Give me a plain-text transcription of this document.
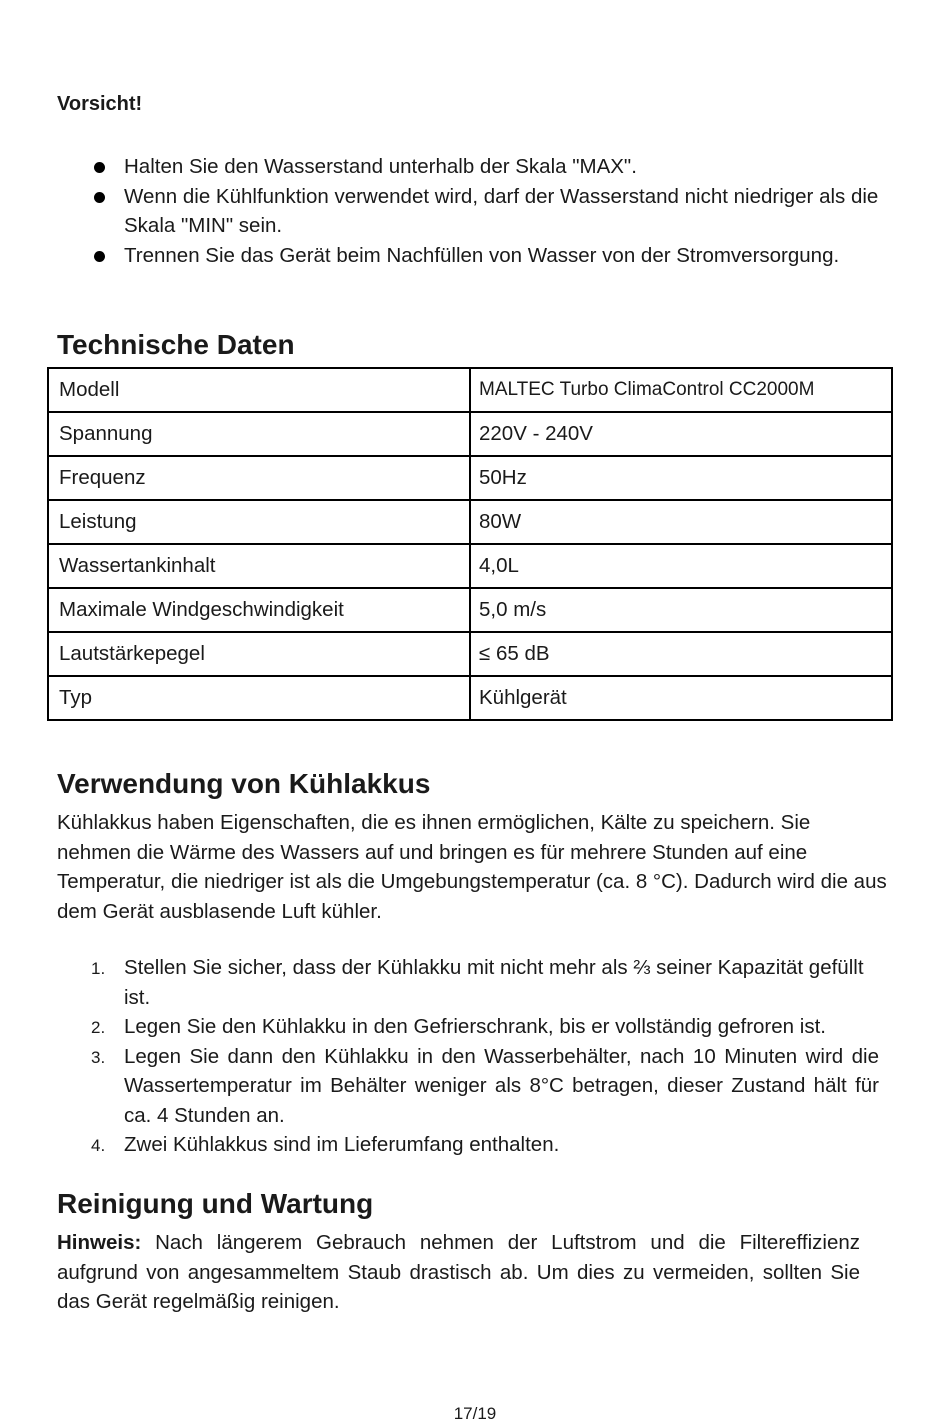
Vorsicht!
Halten Sie den Wasserstand unterhalb der Skala "MAX".
Wenn die Kühlfunktion verwendet wird, darf der Wasserstand nicht niedriger als die Skala "MIN" sein.
Trennen Sie das Gerät beim Nachfüllen von Wasser von der Stromversorgung.
Technische Daten
Modell	MALTEC Turbo ClimaControl CC2000M
Spannung	220V - 240V
Frequenz	50Hz
Leistung	80W
Wassertankinhalt	4,0L
Maximale Windgeschwindigkeit	5,0 m/s
Lautstärkepegel	≤ 65 dB
Typ	Kühlgerät
Verwendung von Kühlakkus

Kühlakkus haben Eigenschaften, die es ihnen ermöglichen, Kälte zu speichern. Sie nehmen die Wärme des Wassers auf und bringen es für mehrere Stunden auf eine Temperatur, die niedriger ist als die Umgebungstemperatur (ca. 8 °C). Dadurch wird die aus dem Gerät ausblasende Luft kühler.

1. Stellen Sie sicher, dass der Kühlakku mit nicht mehr als ⅔ seiner Kapazität gefüllt ist.
2. Legen Sie den Kühlakku in den Gefrierschrank, bis er vollständig gefroren ist.
3. Legen Sie dann den Kühlakku in den Wasserbehälter, nach 10 Minuten wird die Wassertemperatur im Behälter weniger als 8°C betragen, dieser Zustand hält für ca. 4 Stunden an.
4. Zwei Kühlakkus sind im Lieferumfang enthalten.
Reinigung und Wartung

Hinweis: Nach längerem Gebrauch nehmen der Luftstrom und die Filtereffizienz aufgrund von angesammeltem Staub drastisch ab. Um dies zu vermeiden, sollten Sie das Gerät regelmäßig reinigen.

17/19
